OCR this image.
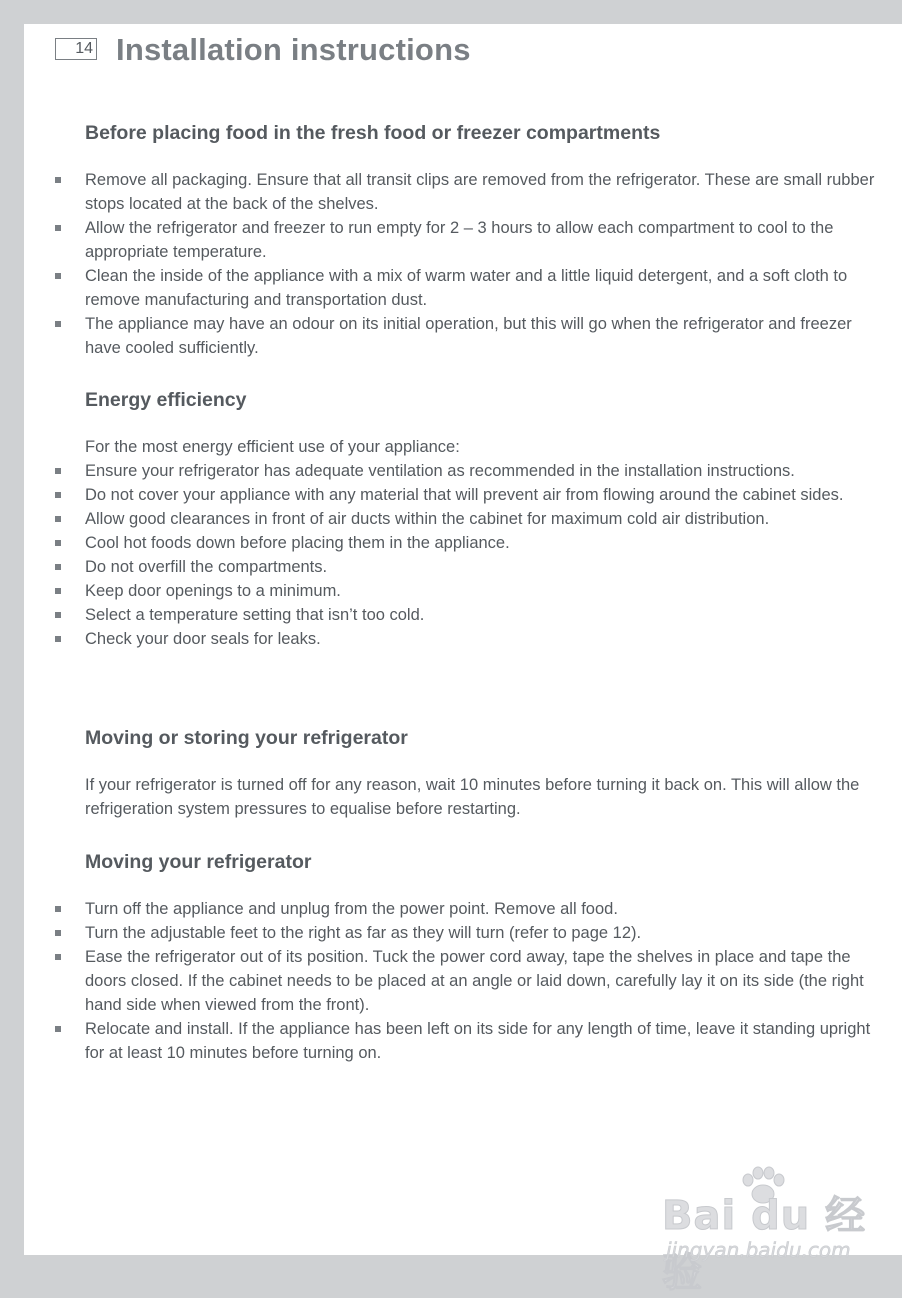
14 Installation instructions
Before placing food in the fresh food or freezer compartments
Remove all packaging. Ensure that all transit clips are removed from the refrigerator. These are small rubber stops located at the back of the shelves.
Allow the refrigerator and freezer to run empty for 2 – 3 hours to allow each compartment to cool to the appropriate temperature.
Clean the inside of the appliance with a mix of warm water and a little liquid detergent, and a soft cloth to remove manufacturing and transportation dust.
The appliance may have an odour on its initial operation, but this will go when the refrigerator and freezer have cooled sufficiently.
Energy efficiency

For the most energy efficient use of your appliance:

Ensure your refrigerator has adequate ventilation as recommended in the installation instructions.
Do not cover your appliance with any material that will prevent air from flowing around the cabinet sides.
Allow good clearances in front of air ducts within the cabinet for maximum cold air distribution.
Cool hot foods down before placing them in the appliance.
Do not overfill the compartments.
Keep door openings to a minimum.
Select a temperature setting that isn’t too cold.
Check your door seals for leaks.
Moving or storing your refrigerator

If your refrigerator is turned off for any reason, wait 10 minutes before turning it back on. This will allow the refrigeration system pressures to equalise before restarting.

Moving your refrigerator
Turn off the appliance and unplug from the power point. Remove all food.
Turn the adjustable feet to the right as far as they will turn (refer to page 12).
Ease the refrigerator out of its position. Tuck the power cord away, tape the shelves in place and tape the doors closed. If the cabinet needs to be placed at an angle or laid down, carefully lay it on its side (the right hand side when viewed from the front).
Relocate and install. If the appliance has been left on its side for any length of time, leave it standing upright for at least 10 minutes before turning on.
Bai du 经验
jingyan.baidu.com
